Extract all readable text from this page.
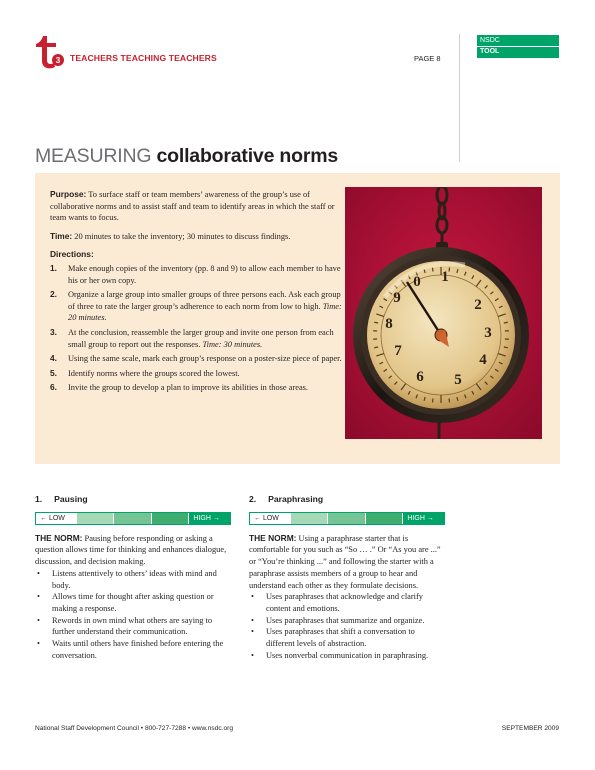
3 TEACHERS TEACHING TEACHERS	PAGE 8
NSDC
TOOL
MEASURING collaborative norms

Purpose: To surface staff or team members’ awareness of the group’s use of collaborative norms and to assist staff and team to identify areas in which the staff or team wants to focus.

Time: 20 minutes to take the inventory; 30 minutes to discuss findings.

Directions:
1. Make enough copies of the inventory (pp. 8 and 9) to allow each member to have his or her own copy.
2. Organize a large group into smaller groups of three persons each. Ask each group of three to rate the larger group’s adherence to each norm from low to high. Time: 20 minutes.
3. At the conclusion, reassemble the larger group and invite one person from each small group to report out the responses. Time: 30 minutes.
4. Using the same scale, mark each group’s response on a poster-size piece of paper.
5. Identify norms where the groups scored the lowest.
6. Invite the group to develop a plan to improve its abilities in those areas.
0 1
2
3
4
5
6
7
8
9
1. Pausing
← LOW	HIGH →

THE NORM: Pausing before responding or asking a question allows time for thinking and enhances dialogue, discussion, and decision making.

• Listens attentively to others’ ideas with mind and body.
• Allows time for thought after asking question or making a response.
• Rewords in own mind what others are saying to further understand their communication.
• Waits until others have finished before entering the conversation.
2. Paraphrasing
← LOW	HIGH →

THE NORM: Using a paraphrase starter that is comfortable for you such as “So … .” Or “As you are ...” or “You’re thinking ...” and following the starter with a paraphrase assists members of a group to hear and understand each other as they formulate decisions.

• Uses paraphrases that acknowledge and clarify content and emotions.
• Uses paraphrases that summarize and organize.
• Uses paraphrases that shift a conversation to different levels of abstraction.
• Uses nonverbal communication in paraphrasing.
National Staff Development Council • 800-727-7288 • www.nsdc.org	SEPTEMBER 2009
